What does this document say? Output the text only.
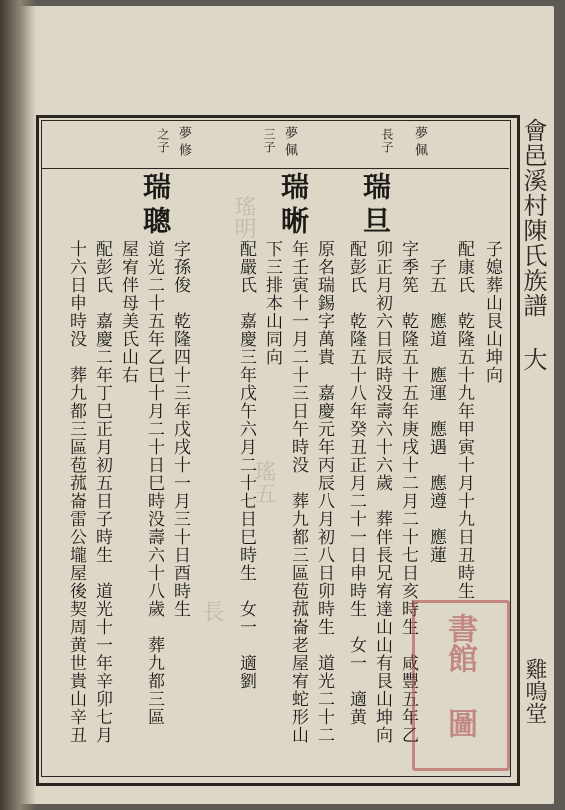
瑤明
瑤五
長
夢
佩
長子
夢
佩
三子
夢
修
之子
瑞旦
瑞晰
瑞聰
子媳葬山艮山坤向
配康氏　乾隆五十九年甲寅十月十九日丑時生
　子五　應道　應運　應遇　應遵　應蓮
字季筅　乾隆五十五年庚戌十二月二十七日亥時生　咸豐五年乙
卯正月初六日辰時没壽六十六歲　葬伴長兄宥達山山有艮山坤向
配彭氏　乾隆五十八年癸丑正月二十一日申時生　女一　適黄
原名瑞錫字萬貴　嘉慶元年丙辰八月初八日卯時生　道光二十二
年壬寅十一月二十三日午時没　葬九都三區苞菰崙老屋宥蛇形山
下三排本山同向
配嚴氏　嘉慶三年戊午六月二十七日巳時生　女一　適劉
字孫俊　乾隆四十三年戊戌十一月三十日酉時生
道光二十五年乙巳十月二十日巳時没壽六十八歲　葬九都三區
屋宥伴母美氏山右
配彭氏　嘉慶二年丁巳正月初五日子時生　道光十一年辛卯七月
十六日申時没　葬九都三區苞菰崙雷公壠屋後契周黄世貴山辛丑	書館 圖
會邑溪村陳氏族譜 大
雞鳴堂
